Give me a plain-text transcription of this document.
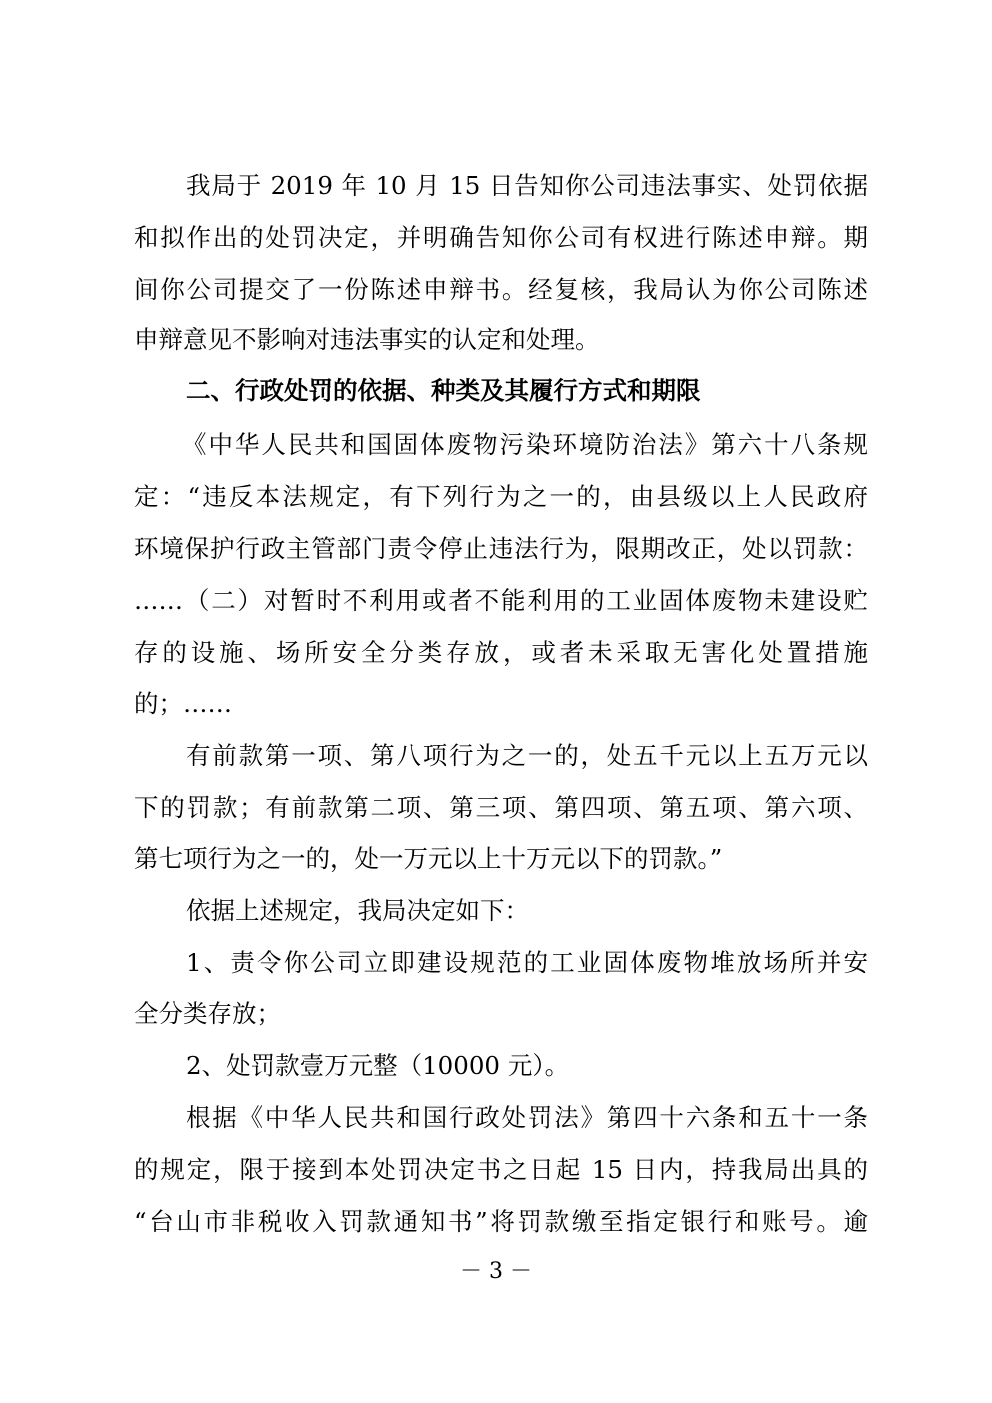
我局于 2019 年 10 月 15 日告知你公司违法事实、处罚依据
和拟作出的处罚决定，并明确告知你公司有权进行陈述申辩。期
间你公司提交了一份陈述申辩书。经复核，我局认为你公司陈述
申辩意见不影响对违法事实的认定和处理。
二、行政处罚的依据、种类及其履行方式和期限
《中华人民共和国固体废物污染环境防治法》第六十八条规
定：“违反本法规定，有下列行为之一的，由县级以上人民政府
环境保护行政主管部门责令停止违法行为，限期改正，处以罚款：
……（二）对暂时不利用或者不能利用的工业固体废物未建设贮
存的设施、场所安全分类存放，或者未采取无害化处置措施
的；……
有前款第一项、第八项行为之一的，处五千元以上五万元以
下的罚款；有前款第二项、第三项、第四项、第五项、第六项、
第七项行为之一的，处一万元以上十万元以下的罚款。”
依据上述规定，我局决定如下：
1、责令你公司立即建设规范的工业固体废物堆放场所并安
全分类存放；
2、处罚款壹万元整（10000 元）。
根据《中华人民共和国行政处罚法》第四十六条和五十一条
的规定，限于接到本处罚决定书之日起 15 日内，持我局出具的
“台山市非税收入罚款通知书”将罚款缴至指定银行和账号。逾
－ 3 －
